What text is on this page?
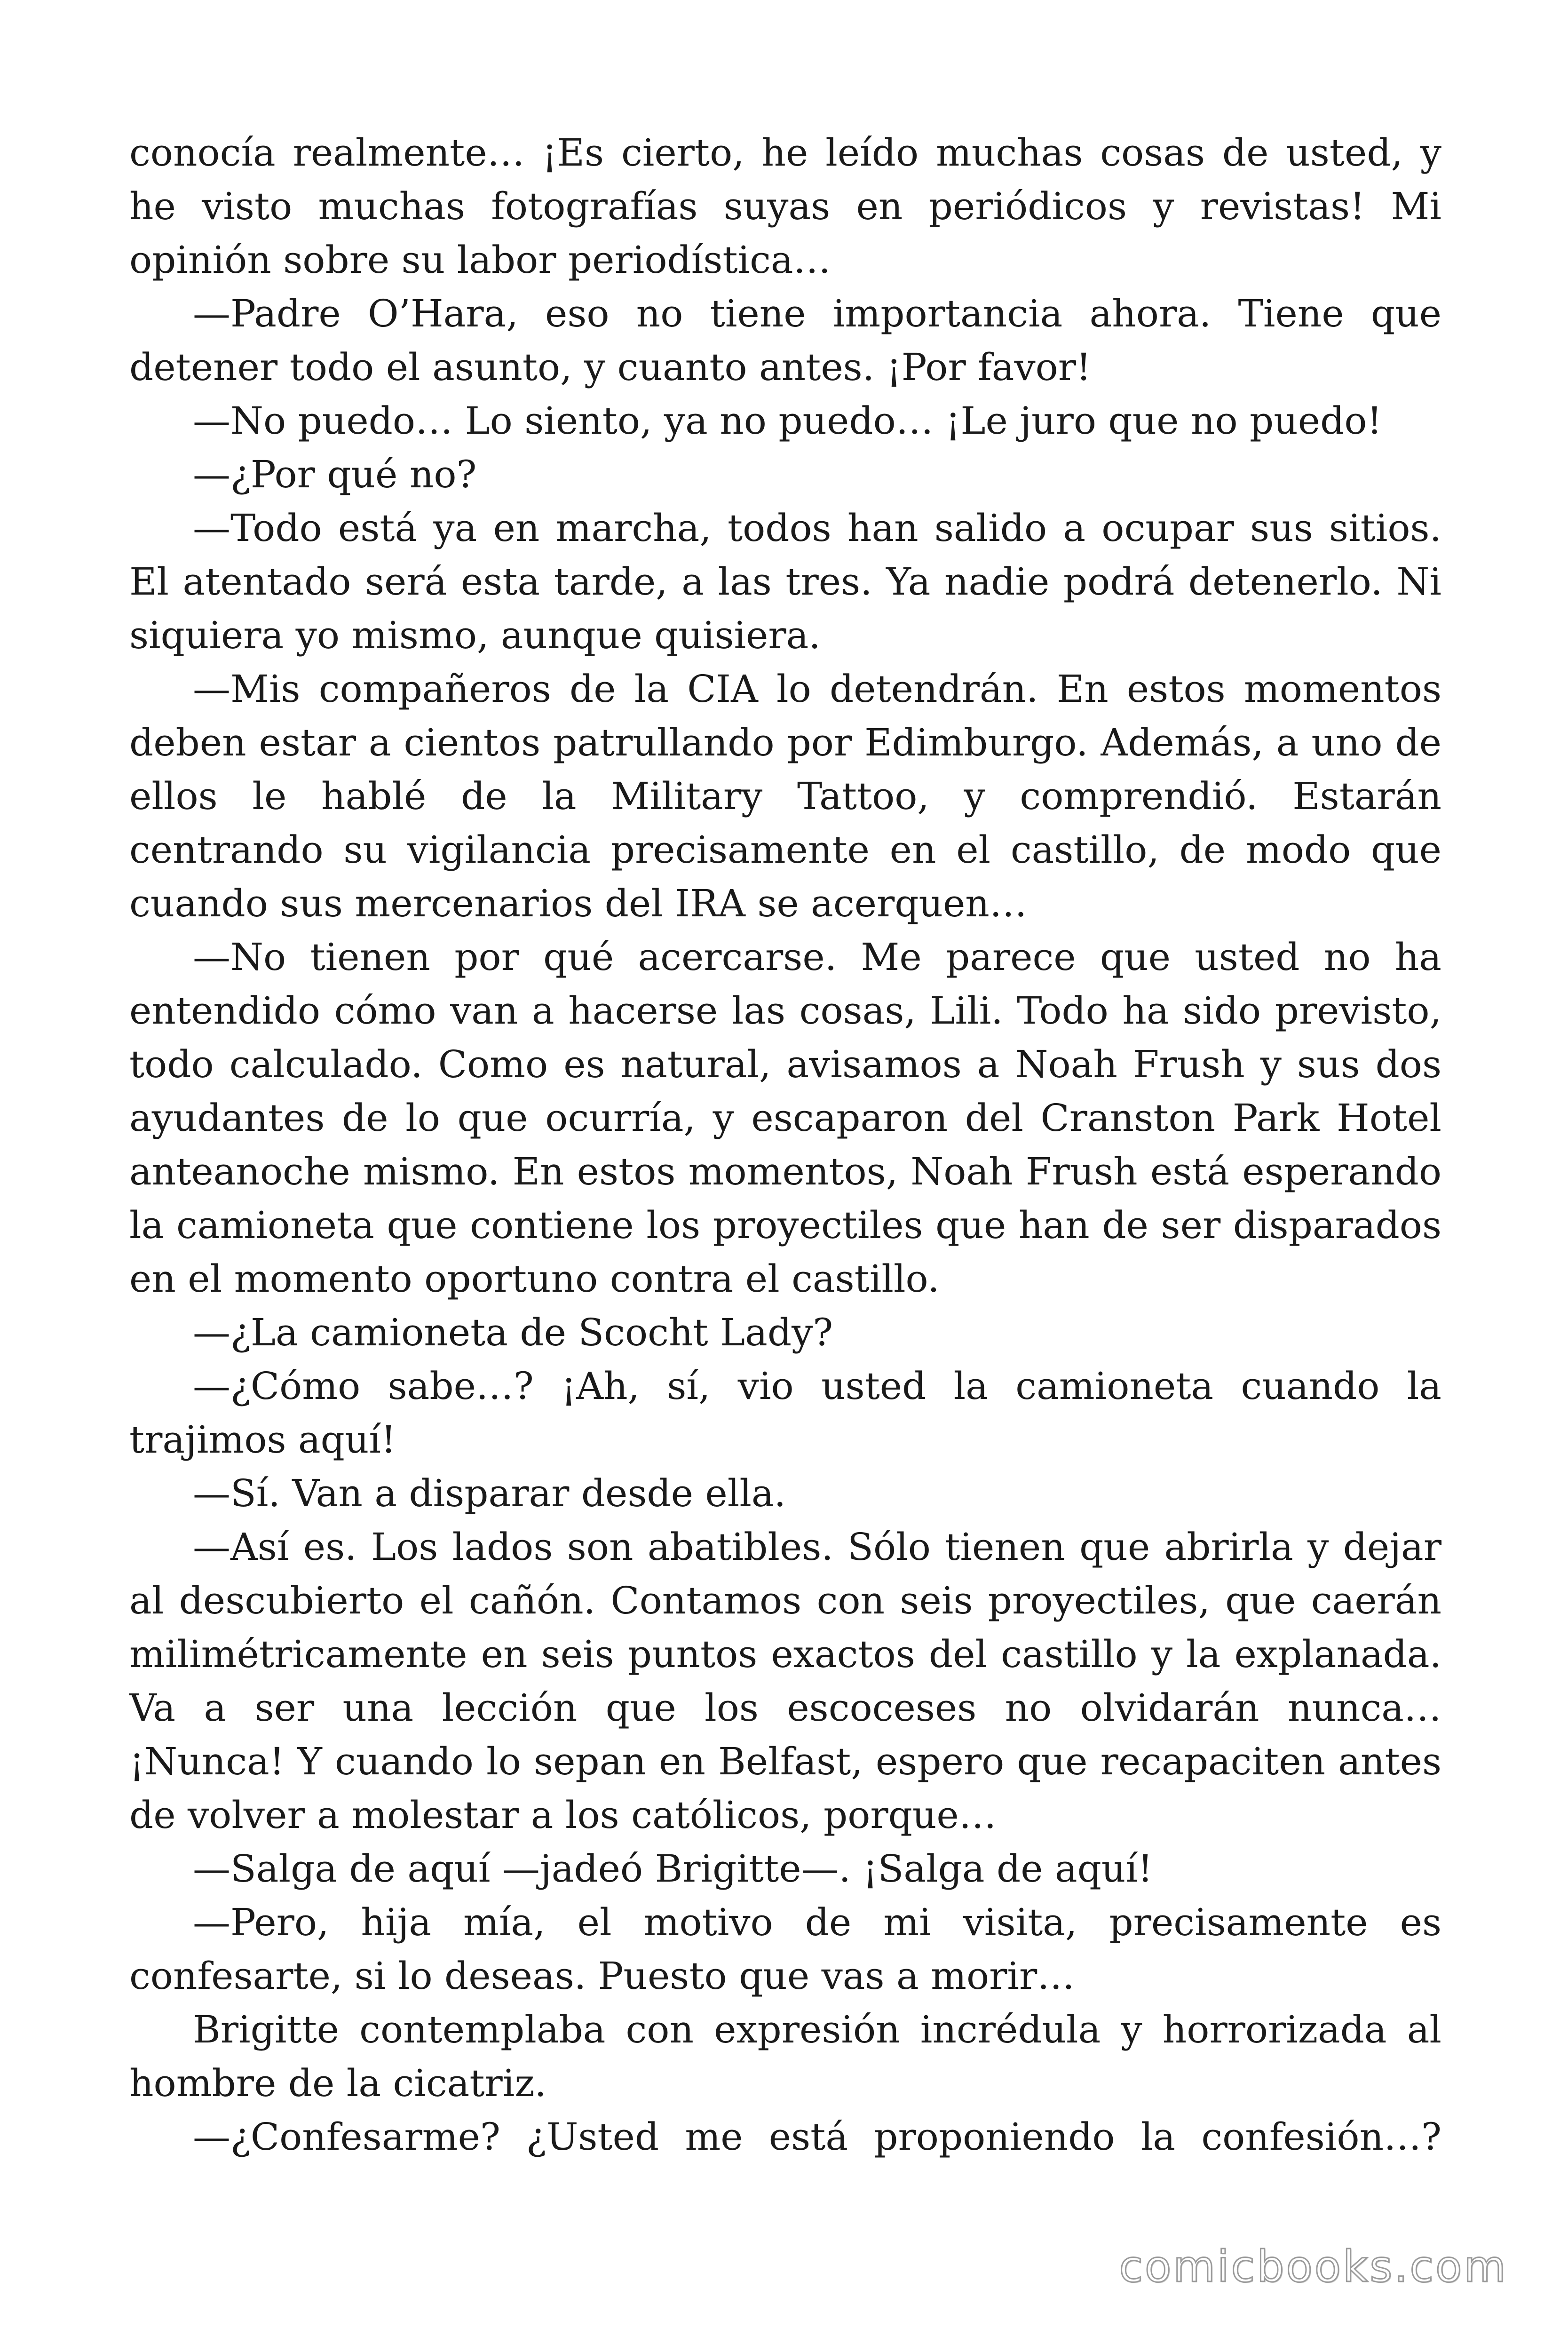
conocía realmente… ¡Es cierto, he leído muchas cosas de usted, y he visto muchas fotografías suyas en periódicos y revistas! Mi opinión sobre su labor periodística…

—Padre O’Hara, eso no tiene importancia ahora. Tiene que detener todo el asunto, y cuanto antes. ¡Por favor!

—No puedo… Lo siento, ya no puedo… ¡Le juro que no puedo!

—¿Por qué no?

—Todo está ya en marcha, todos han salido a ocupar sus sitios. El atentado será esta tarde, a las tres. Ya nadie podrá detenerlo. Ni siquiera yo mismo, aunque quisiera.

—Mis compañeros de la CIA lo detendrán. En estos momentos deben estar a cientos patrullando por Edimburgo. Además, a uno de ellos le hablé de la Military Tattoo, y comprendió. Estarán centrando su vigilancia precisamente en el castillo, de modo que cuando sus mercenarios del IRA se acerquen…

—No tienen por qué acercarse. Me parece que usted no ha entendido cómo van a hacerse las cosas, Lili. Todo ha sido previsto, todo calculado. Como es natural, avisamos a Noah Frush y sus dos ayudantes de lo que ocurría, y escaparon del Cranston Park Hotel anteanoche mismo. En estos momentos, Noah Frush está esperando la camioneta que contiene los proyectiles que han de ser disparados en el momento oportuno contra el castillo.

—¿La camioneta de Scocht Lady?

—¿Cómo sabe…? ¡Ah, sí, vio usted la camioneta cuando la trajimos aquí!

—Sí. Van a disparar desde ella.

—Así es. Los lados son abatibles. Sólo tienen que abrirla y dejar al descubierto el cañón. Contamos con seis proyectiles, que caerán milimétricamente en seis puntos exactos del castillo y la explanada. Va a ser una lección que los escoceses no olvidarán nunca… ¡Nunca! Y cuando lo sepan en Belfast, espero que recapaciten antes de volver a molestar a los católicos, porque…

—Salga de aquí —jadeó Brigitte—. ¡Salga de aquí!

—Pero, hija mía, el motivo de mi visita, precisamente es confesarte, si lo deseas. Puesto que vas a morir…

Brigitte contemplaba con expresión incrédula y horrorizada al hombre de la cicatriz.

—¿Confesarme? ¿Usted me está proponiendo la confesión…?

comicbooks.com
